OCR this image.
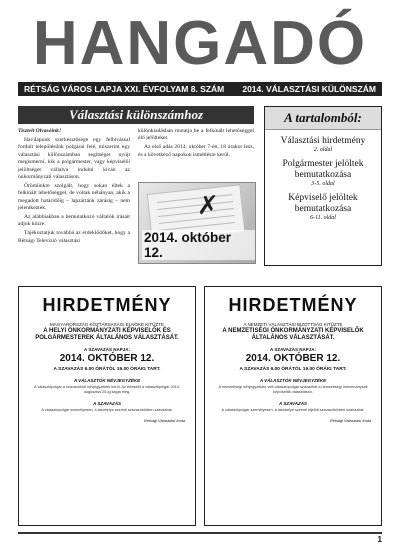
HANGADÓ
RÉTSÁG VÁROS LAPJA XXI. ÉVFOLYAM 8. SZÁM 2014. VÁLASZTÁSI KÜLÖNSZÁM
Választási különszámhoz

Tisztelt Olvasóink!

Havilapunk szerkesztősége egy felhívással fordult településünk polgárai felé, miszerint egy választási különszámban segítséget nyújt megismerni, kik a polgármester, vagy képviselői jelöltséget vállalva indulni kíván az önkormányzati választáson.

Örömünkre szolgált, hogy sokan éltek a felkínált lehetőséggel, de voltak néhányan, akik a megadott határidőig – lapzártánk zárásig – nem jelentkeztek.

Az alábbiakban a bemutatkozó vállalók írásait adjuk közre.

Tájékoztatjuk továbbá az érdeklődőket, hogy a Rétsági Televízió választási

különkiadásban mutatja be a felkínált lehetőséggel élő jelölteket.

Az első adás 2014. október 7-én, 18 órakor lesz, és a következő napokon ismétlésre kerül.

✗
2014. október 12.
A tartalomból:
Választási hirdetmény
2. oldal
Polgármester jelöltek bemutatkozása
3-5. oldal
Képviselő jelöltek bemutatkozása
6-11. oldal
HIRDETMÉNY
MAGYARORSZÁG KÖZTÁRSASÁGI ELNÖKE KITŰZTE
A HELYI ÖNKORMÁNYZATI KÉPVISELŐK ÉS POLGÁRMESTEREK ÁLTALÁNOS VÁLASZTÁSÁT.
A SZAVAZÁS NAPJA:
2014. OKTÓBER 12.
A SZAVAZÁS 6.00 ÓRÁTÓL 19.00 ÓRÁIG TART.
A VÁLASZTÓK NÉVJEGYZÉKE
A választópolgár a szavazóköri névjegyzékbe kerül. Az értesítőt a választópolgár 2014. augusztus 25-ig kapja meg.
A SZAVAZÁS
A választópolgár személyesen, a lakóhelye szerinti szavazókörben szavazhat.
Rétsági Választási Iroda
HIRDETMÉNY
A NEMZETI VÁLASZTÁSI BIZOTTSÁG KITŰZTE
A NEMZETISÉGI ÖNKORMÁNYZATI KÉPVISELŐK ÁLTALÁNOS VÁLASZTÁSÁT.
A SZAVAZÁS NAPJA:
2014. OKTÓBER 12.
A SZAVAZÁS 6.00 ÓRÁTÓL 19.00 ÓRÁIG TART.
A VÁLASZTÓK NÉVJEGYZÉKE
A nemzetiségi névjegyzékbe vett választópolgár szavazhat a nemzetiségi önkormányzati képviselők választásán.
A SZAVAZÁS
A választópolgár személyesen, a lakóhelye szerinti kijelölt szavazókörben szavazhat.
Rétsági Választási Iroda
1
